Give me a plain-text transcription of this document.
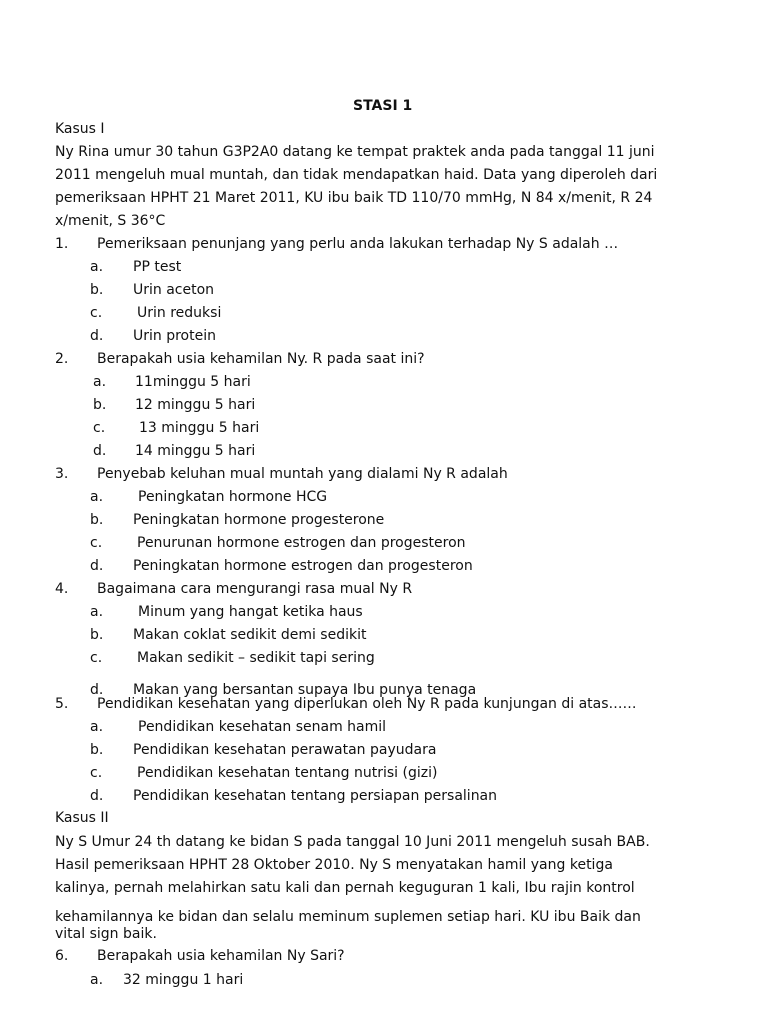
STASI 1
Kasus I
Ny Rina umur 30 tahun G3P2A0 datang ke tempat praktek anda pada tanggal 11 juni
2011 mengeluh mual muntah, dan tidak mendapatkan haid. Data yang diperoleh dari
pemeriksaan HPHT 21 Maret 2011, KU ibu baik TD 110/70 mmHg, N 84 x/menit, R 24
x/menit, S 36°C
1. Pemeriksaan penunjang yang perlu anda lakukan terhadap Ny S adalah …
a. PP test
b. Urin aceton
c. Urin reduksi
d. Urin protein
2. Berapakah usia kehamilan Ny. R pada saat ini?
a. 11minggu 5 hari
b. 12 minggu 5 hari
c. 13 minggu 5 hari
d. 14 minggu 5 hari
3. Penyebab keluhan mual muntah yang dialami Ny R adalah
a. Peningkatan hormone HCG
b. Peningkatan hormone progesterone
c. Penurunan hormone estrogen dan progesteron
d. Peningkatan hormone estrogen dan progesteron
4. Bagaimana cara mengurangi rasa mual Ny R
a. Minum yang hangat ketika haus
b. Makan coklat sedikit demi sedikit
c. Makan sedikit – sedikit tapi sering
d. Makan yang bersantan supaya Ibu punya tenaga
5. Pendidikan kesehatan yang diperlukan oleh Ny R pada kunjungan di atas……
a. Pendidikan kesehatan senam hamil
b. Pendidikan kesehatan perawatan payudara
c. Pendidikan kesehatan tentang nutrisi (gizi)
d. Pendidikan kesehatan tentang persiapan persalinan
Kasus II
Ny S Umur 24 th datang ke bidan S pada tanggal 10 Juni 2011 mengeluh susah BAB.
Hasil pemeriksaan HPHT 28 Oktober 2010. Ny S menyatakan hamil yang ketiga
kalinya, pernah melahirkan satu kali dan pernah keguguran 1 kali, Ibu rajin kontrol
kehamilannya ke bidan dan selalu meminum suplemen setiap hari. KU ibu Baik dan
vital sign baik.
6. Berapakah usia kehamilan Ny Sari?
a. 32 minggu 1 hari
